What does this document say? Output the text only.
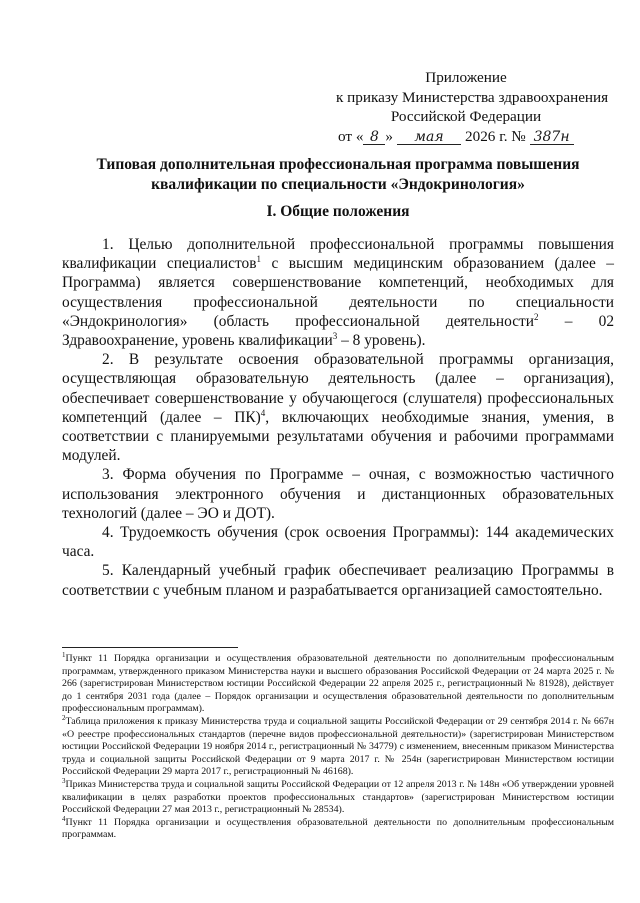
Приложение
к приказу Министерства здравоохранения
Российской Федерации
от « 8 » мая 2026 г. № 387н
Типовая дополнительная профессиональная программа повышения
квалификации по специальности «Эндокринология»
I. Общие положения

1. Целью дополнительной профессиональной программы повышения квалификации специалистов$^1$ с высшим медицинским образованием (далее – Программа) является совершенствование компетенций, необходимых для осуществления профессиональной деятельности по специальности «Эндокринология» (область профессиональной деятельности$^2$ – 02 Здравоохранение, уровень квалификации$^3$ – 8 уровень).

2. В результате освоения образовательной программы организация, осуществляющая образовательную деятельность (далее – организация), обеспечивает совершенствование у обучающегося (слушателя) профессиональных компетенций (далее – ПК)$^4$, включающих необходимые знания, умения, в соответствии с планируемыми результатами обучения и рабочими программами модулей.

3. Форма обучения по Программе – очная, с возможностью частичного использования электронного обучения и дистанционных образовательных технологий (далее – ЭО и ДОТ).

4. Трудоемкость обучения (срок освоения Программы): 144 академических часа.

5. Календарный учебный график обеспечивает реализацию Программы в соответствии с учебным планом и разрабатывается организацией самостоятельно.

$^1$Пункт 11 Порядка организации и осуществления образовательной деятельности по дополнительным профессиональным программам, утвержденного приказом Министерства науки и высшего образования Российской Федерации от 24 марта 2025 г. № 266 (зарегистрирован Министерством юстиции Российской Федерации 22 апреля 2025 г., регистрационный № 81928), действует до 1 сентября 2031 года (далее – Порядок организации и осуществления образовательной деятельности по дополнительным профессиональным программам).

$^2$Таблица приложения к приказу Министерства труда и социальной защиты Российской Федерации от 29 сентября 2014 г. № 667н «О реестре профессиональных стандартов (перечне видов профессиональной деятельности)» (зарегистрирован Министерством юстиции Российской Федерации 19 ноября 2014 г., регистрационный № 34779) с изменением, внесенным приказом Министерства труда и социальной защиты Российской Федерации от 9 марта 2017 г. № 254н (зарегистрирован Министерством юстиции Российской Федерации 29 марта 2017 г., регистрационный № 46168).

$^3$Приказ Министерства труда и социальной защиты Российской Федерации от 12 апреля 2013 г. № 148н «Об утверждении уровней квалификации в целях разработки проектов профессиональных стандартов» (зарегистрирован Министерством юстиции Российской Федерации 27 мая 2013 г., регистрационный № 28534).

$^4$Пункт 11 Порядка организации и осуществления образовательной деятельности по дополнительным профессиональным программам.
